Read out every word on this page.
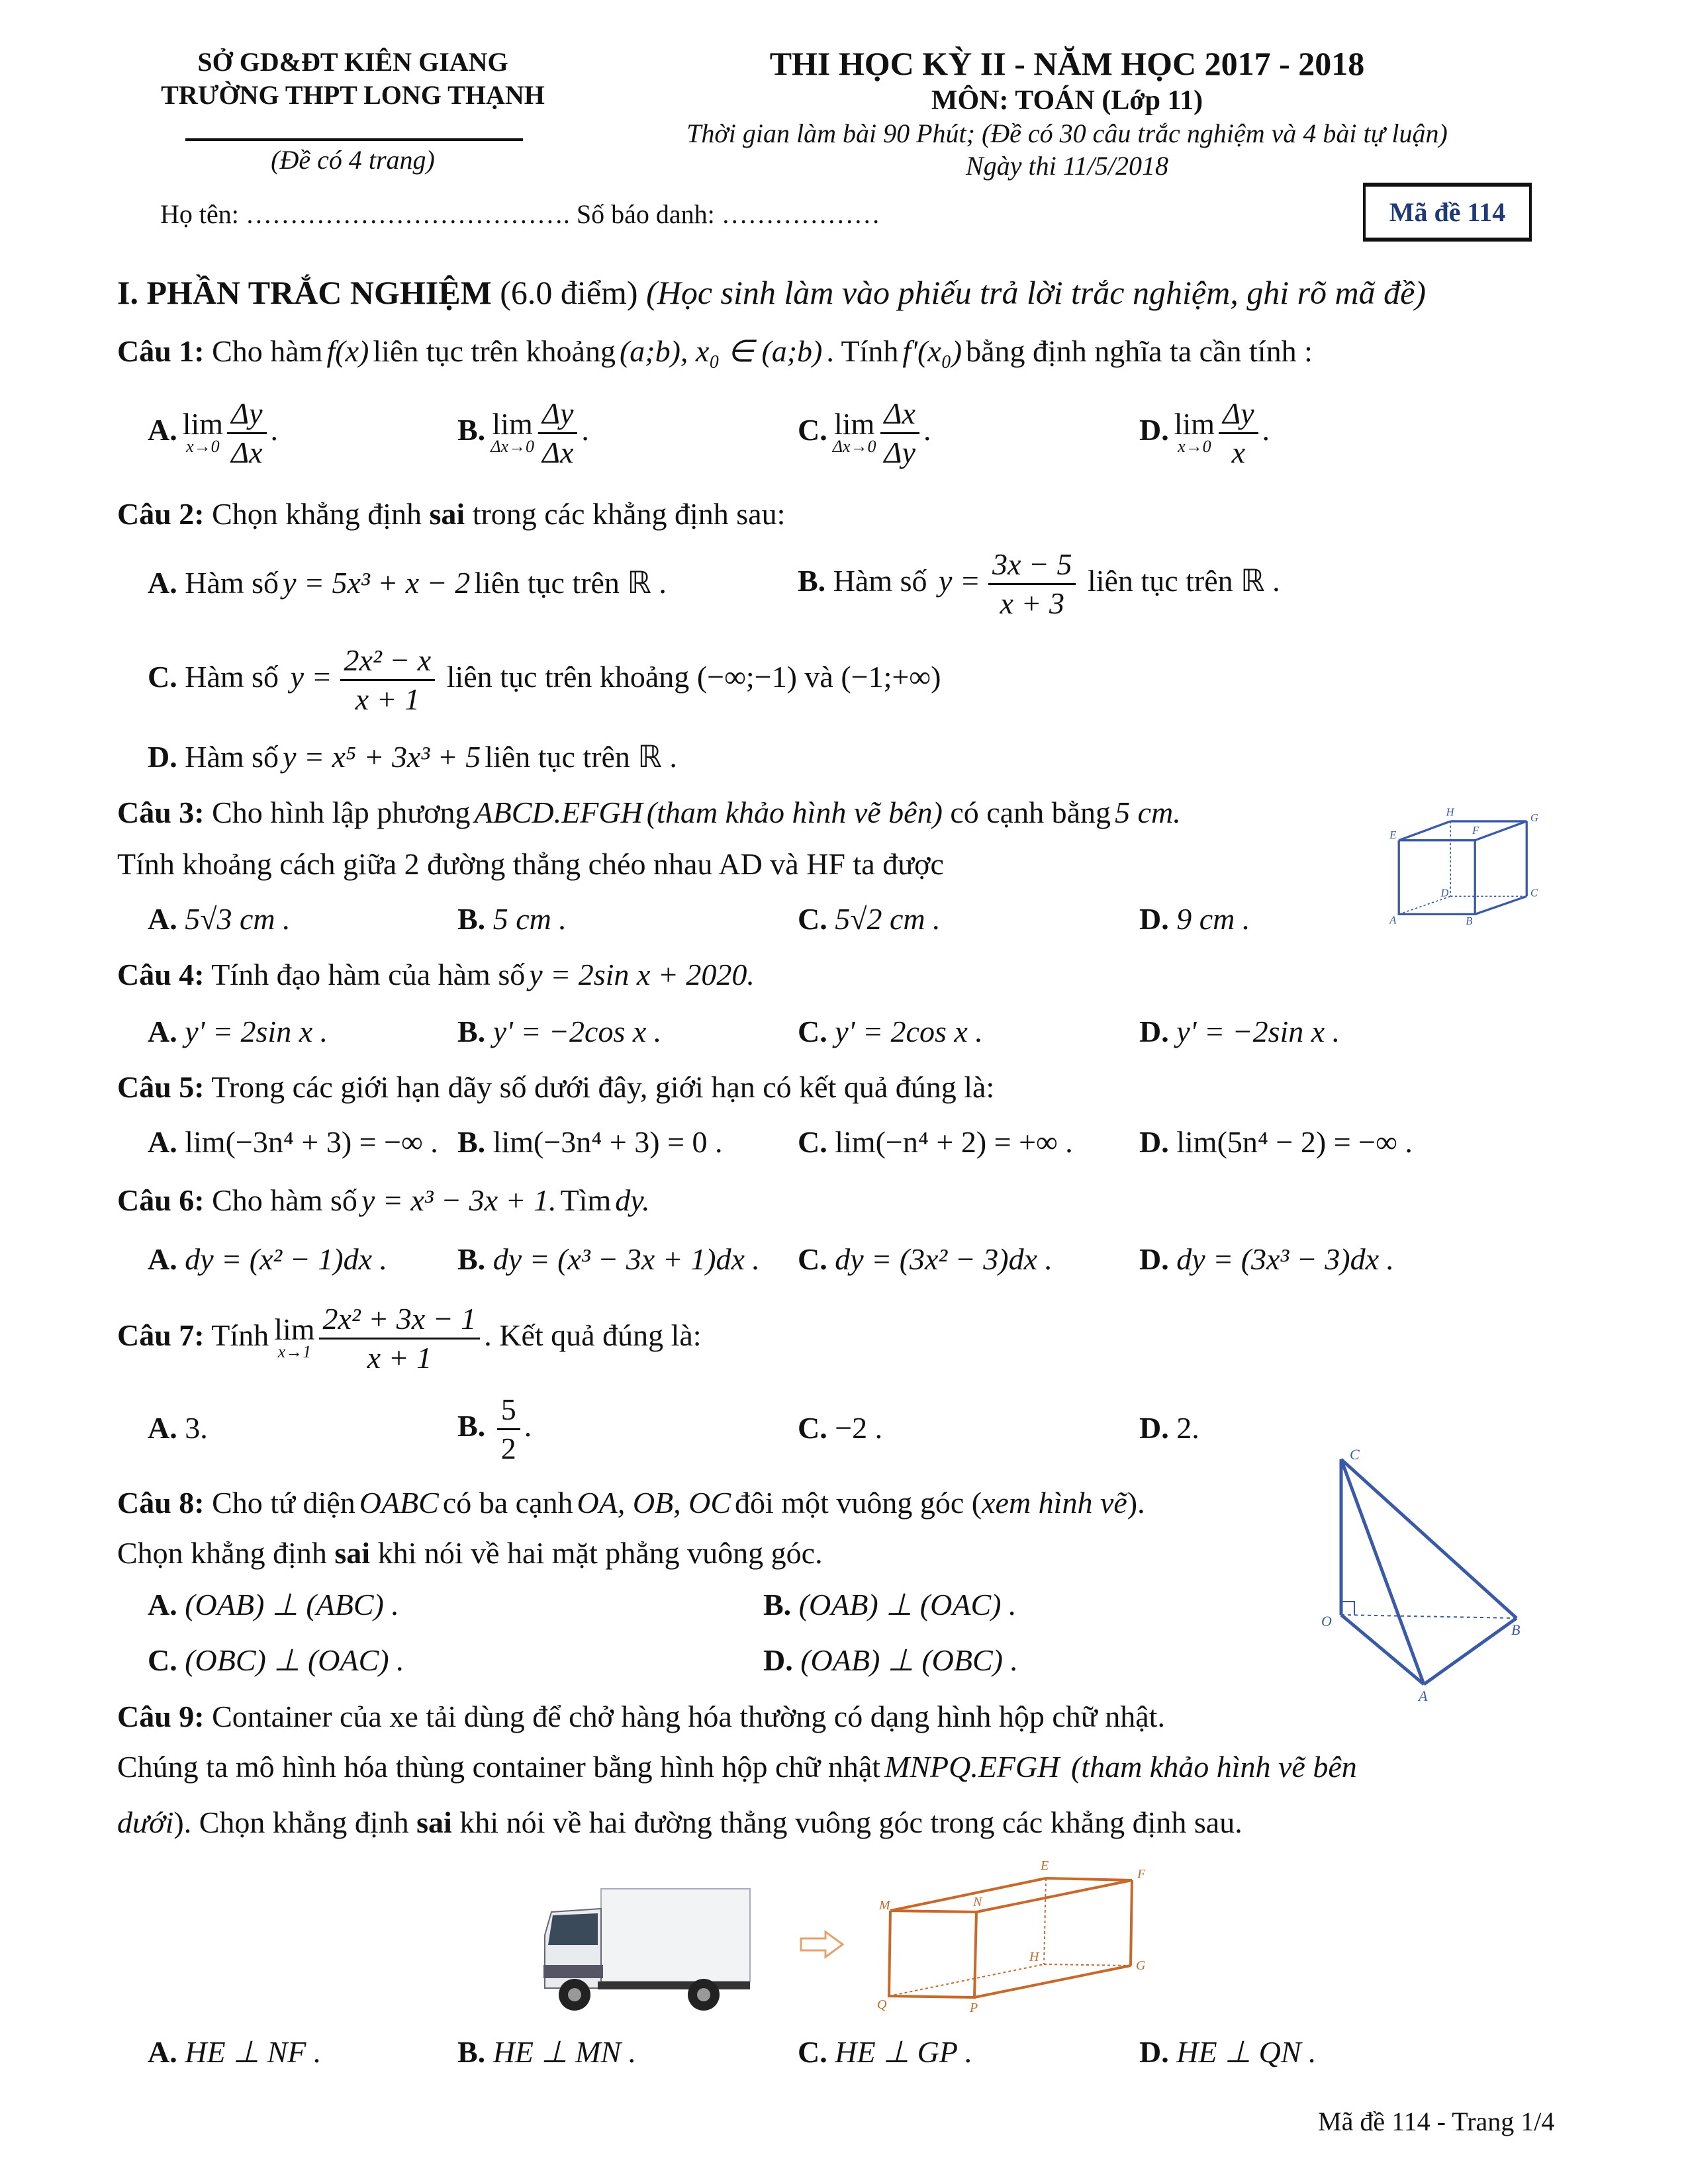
SỞ GD&ĐT KIÊN GIANG
TRƯỜNG THPT LONG THẠNH
(Đề có 4 trang)
THI HỌC KỲ II - NĂM HỌC 2017 - 2018
MÔN: TOÁN (Lớp 11)
Thời gian làm bài 90 Phút; (Đề có 30 câu trắc nghiệm và 4 bài tự luận)
Ngày thi 11/5/2018
Họ tên: ………………………………. Số báo danh: ………………	Mã đề 114
I. PHẦN TRẮC NGHIỆM (6.0 điểm) (Học sinh làm vào phiếu trả lời trắc nghiệm, ghi rõ mã đề)
Câu 1: Cho hàm f(x) liên tục trên khoảng (a;b), x₀ ∈ (a;b) . Tính f'(x₀) bằng định nghĩa ta cần tính :
A. lim
$x\to 0 \frac{\Delta y}{\Delta x}$ .	B. lim
$\Delta x\to 0 \frac{\Delta y}{\Delta x}$ .	C. lim
$\Delta x\to 0 \frac{\Delta x}{\Delta y}$ .	D. lim
$x\to 0 \frac{\Delta y}{x}$ .
Câu 2: Chọn khẳng định sai trong các khẳng định sau:
A. Hàm số y = 5x³ + x − 2 liên tục trên ℝ .	B. Hàm số $y = \frac{3x - 5}{x + 3}$ liên tục trên ℝ .
C. Hàm số $y = \frac{\text{2x² − x}}{x + 1}$ liên tục trên khoảng (−∞;−1) và (−1;+∞)
D. Hàm số y = x⁵ + 3x³ + 5 liên tục trên ℝ .
Câu 3: Cho hình lập phương ABCD.EFGH (tham khảo hình vẽ bên) có cạnh bằng 5 cm.
Tính khoảng cách giữa 2 đường thẳng chéo nhau AD và HF ta được
A. 5√3 cm .	B. 5 cm .	C. 5√2 cm .	D. 9 cm .	A	B
C
D
E	F
G
H
Câu 4: Tính đạo hàm của hàm số y = 2sin x + 2020.
A. y' = 2sin x .	B. y' = −2cos x .	C. y' = 2cos x .	D. y' = −2sin x .
Câu 5: Trong các giới hạn dãy số dưới đây, giới hạn có kết quả đúng là:
A. lim(−3n⁴ + 3) = −∞ . B. lim(−3n⁴ + 3) = 0 . C. lim(−n⁴ + 2) = +∞ . D. lim(5n⁴ − 2) = −∞ .
Câu 6: Cho hàm số y = x³ − 3x + 1. Tìm dy.
A. dy = (x² − 1)dx . B. dy = (x³ − 3x + 1)dx . C. dy = (3x² − 3)dx .	D. dy = (3x³ − 3)dx .
Câu 7: Tính lim
$x\to 1 \frac{\text{2x² + 3x − 1}}{x + 1}$ . Kết quả đúng là:
A. 3.	B. $\frac{5}{2}$ .	C. −2 .	D. 2.
Câu 8: Cho tứ diện OABC có ba cạnh OA, OB, OC đôi một vuông góc (xem hình vẽ).
Chọn khẳng định sai khi nói về hai mặt phẳng vuông góc.
A. (OAB) ⊥ (ABC) .	B. (OAB) ⊥ (OAC) .
C. (OBC) ⊥ (OAC) .	D. (OAB) ⊥ (OBC) .
O
A
B
C
Câu 9: Container của xe tải dùng để chở hàng hóa thường có dạng hình hộp chữ nhật.
Chúng ta mô hình hóa thùng container bằng hình hộp chữ nhật MNPQ.EFGH (tham khảo hình vẽ bên
dưới). Chọn khẳng định sai khi nói về hai đường thẳng vuông góc trong các khẳng định sau.
M	N
P
Q
E
F
G
H
A. HE ⊥ NF .	B. HE ⊥ MN .	C. HE ⊥ GP .	D. HE ⊥ QN .
Mã đề 114 - Trang 1/4
